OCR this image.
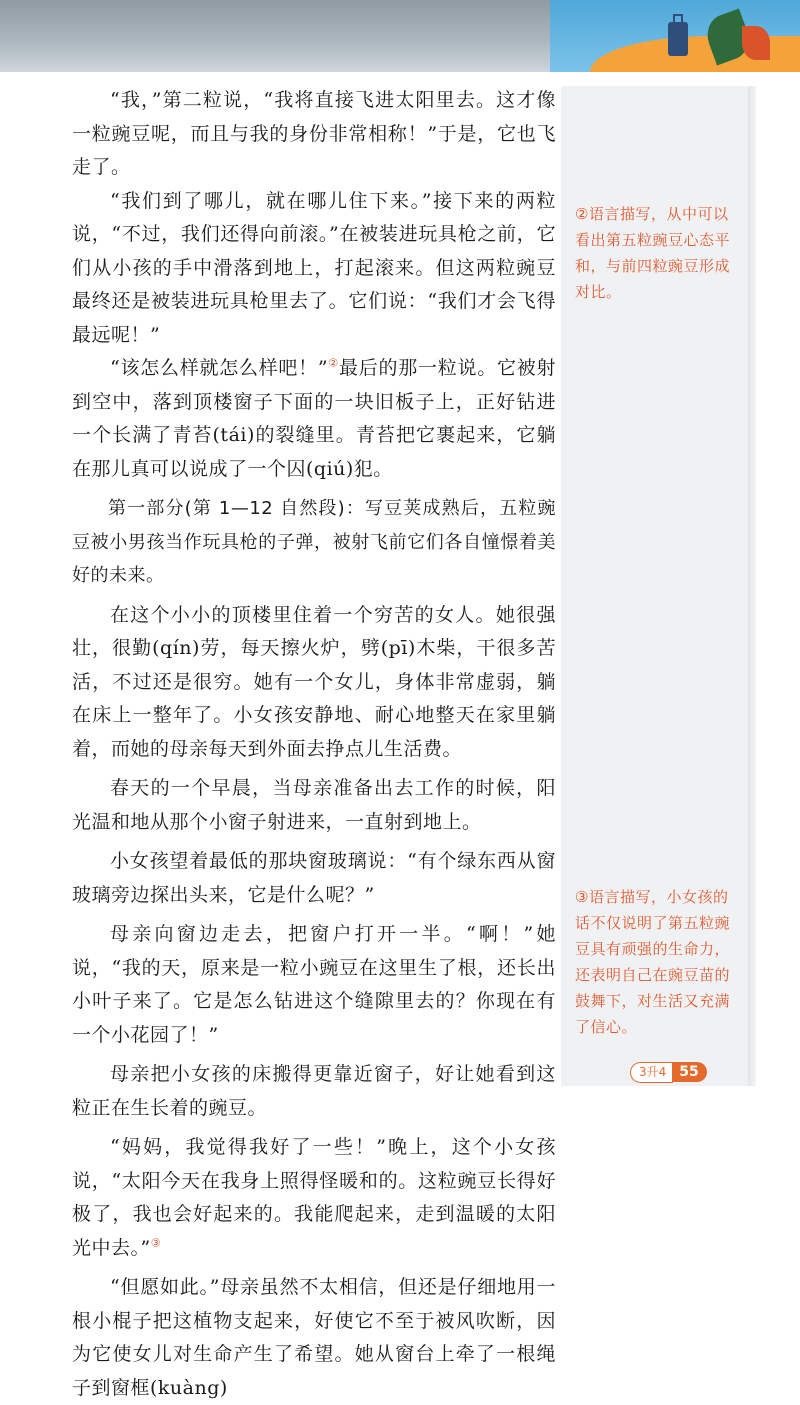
“我，”第二粒说，“我将直接飞进太阳里去。这才像一粒豌豆呢，而且与我的身份非常相称！”于是，它也飞走了。

“我们到了哪儿，就在哪儿住下来。”接下来的两粒说，“不过，我们还得向前滚。”在被装进玩具枪之前，它们从小孩的手中滑落到地上，打起滚来。但这两粒豌豆最终还是被装进玩具枪里去了。它们说：“我们才会飞得最远呢！”

“该怎么样就怎么样吧！”②最后的那一粒说。它被射到空中，落到顶楼窗子下面的一块旧板子上，正好钻进一个长满了青苔(tái)的裂缝里。青苔把它裹起来，它躺在那儿真可以说成了一个囚(qiú)犯。

第一部分(第 1—12 自然段)：写豆荚成熟后，五粒豌豆被小男孩当作玩具枪的子弹，被射飞前它们各自憧憬着美好的未来。

在这个小小的顶楼里住着一个穷苦的女人。她很强壮，很勤(qín)劳，每天擦火炉，劈(pī)木柴，干很多苦活，不过还是很穷。她有一个女儿，身体非常虚弱，躺在床上一整年了。小女孩安静地、耐心地整天在家里躺着，而她的母亲每天到外面去挣点儿生活费。

春天的一个早晨，当母亲准备出去工作的时候，阳光温和地从那个小窗子射进来，一直射到地上。

小女孩望着最低的那块窗玻璃说：“有个绿东西从窗玻璃旁边探出头来，它是什么呢？”

母亲向窗边走去，把窗户打开一半。“啊！”她说，“我的天，原来是一粒小豌豆在这里生了根，还长出小叶子来了。它是怎么钻进这个缝隙里去的？你现在有一个小花园了！”

母亲把小女孩的床搬得更靠近窗子，好让她看到这粒正在生长着的豌豆。

“妈妈，我觉得我好了一些！”晚上，这个小女孩说，“太阳今天在我身上照得怪暖和的。这粒豌豆长得好极了，我也会好起来的。我能爬起来，走到温暖的太阳光中去。”③

“但愿如此。”母亲虽然不太相信，但还是仔细地用一根小棍子把这植物支起来，好使它不至于被风吹断，因为它使女儿对生命产生了希望。她从窗台上牵了一根绳子到窗框(kuàng)

②语言描写，从中可以看出第五粒豌豆心态平和，与前四粒豌豆形成对比。
③语言描写，小女孩的话不仅说明了第五粒豌豆具有顽强的生命力，还表明自己在豌豆苗的鼓舞下，对生活又充满了信心。
3升4 55
